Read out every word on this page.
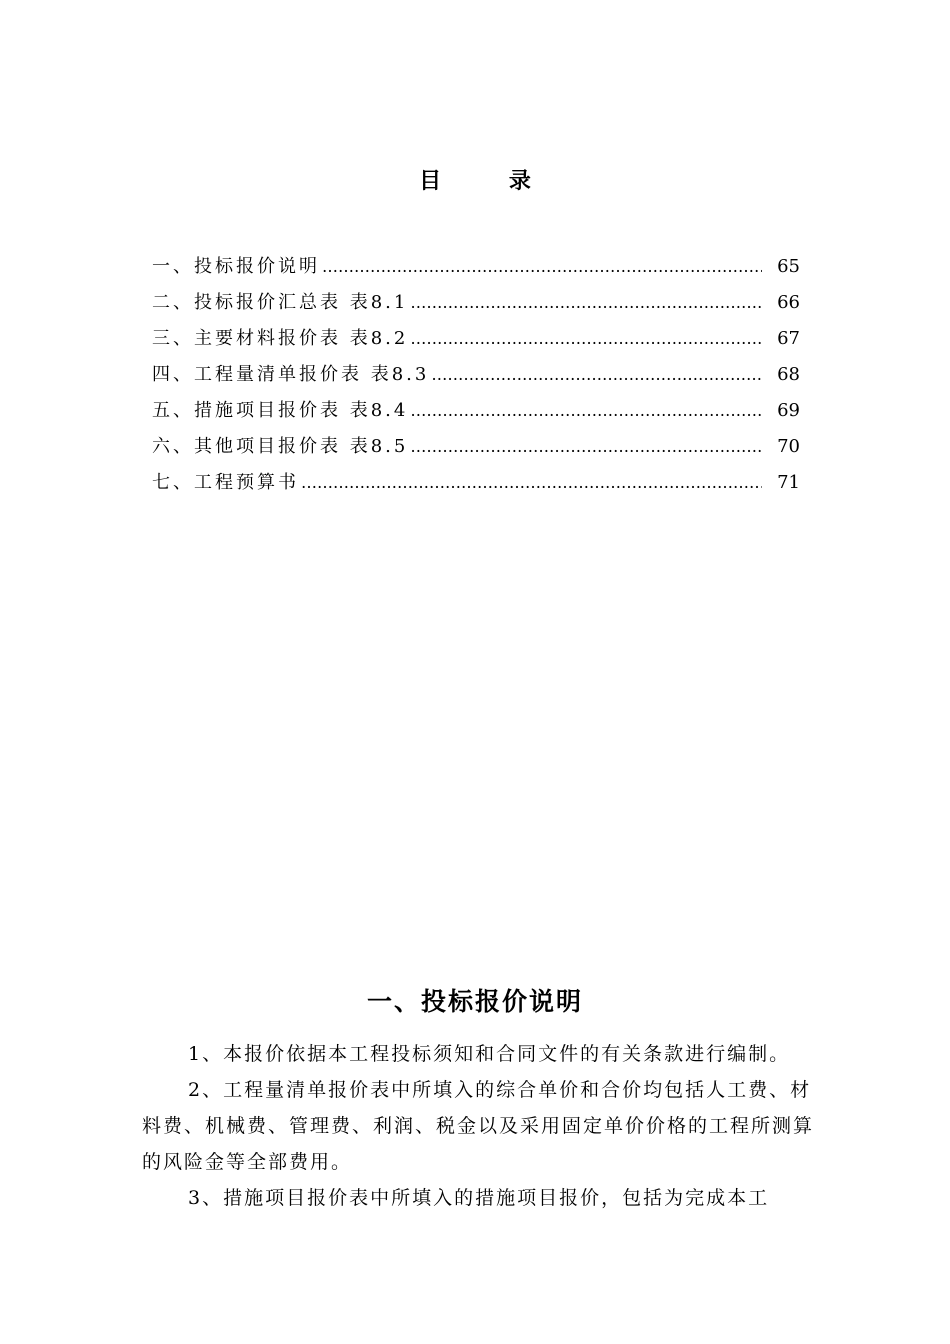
目 录
一、投标报价说明 …………………………………………………………………………………………………………………………	65
二、投标报价汇总表 表8.1 …………………………………………………………………………………………………………………………	66
三、主要材料报价表 表8.2 …………………………………………………………………………………………………………………………	67
四、工程量清单报价表 表8.3 …………………………………………………………………………………………………………………………	68
五、措施项目报价表 表8.4 …………………………………………………………………………………………………………………………	69
六、其他项目报价表 表8.5 …………………………………………………………………………………………………………………………	70
七、工程预算书 …………………………………………………………………………………………………………………………	71
一、投标报价说明

1、本报价依据本工程投标须知和合同文件的有关条款进行编制。

2、工程量清单报价表中所填入的综合单价和合价均包括人工费、材料费、机械费、管理费、利润、税金以及采用固定单价价格的工程所测算的风险金等全部费用。

3、措施项目报价表中所填入的措施项目报价，包括为完成本工
